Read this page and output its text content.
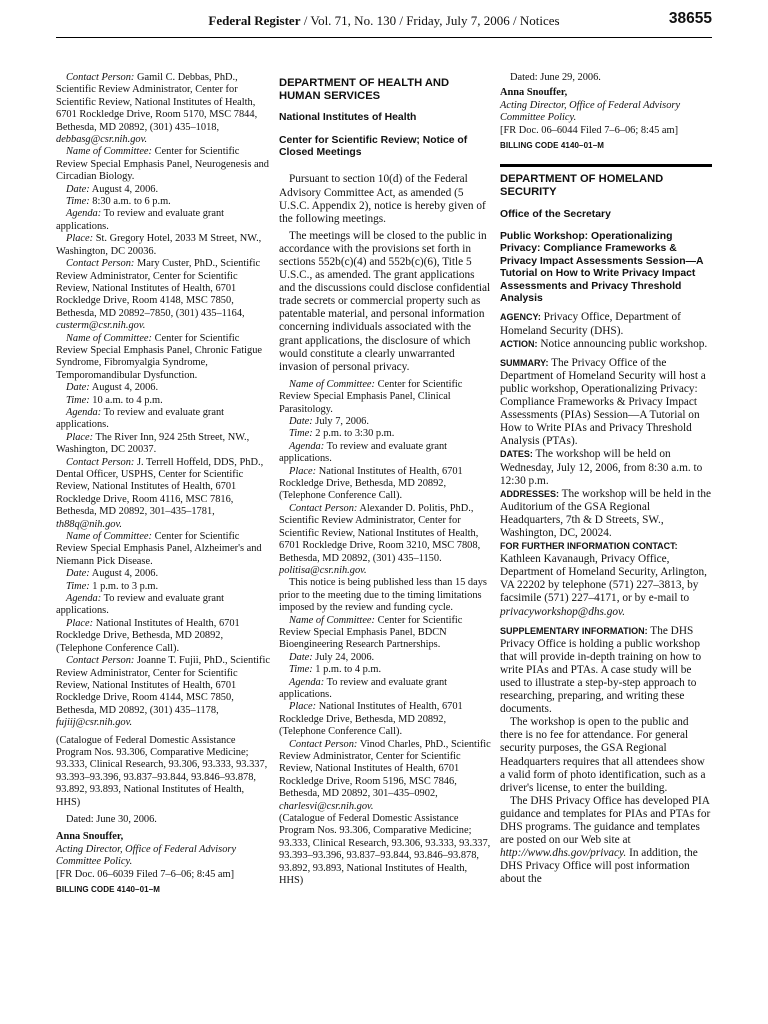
Federal Register / Vol. 71, No. 130 / Friday, July 7, 2006 / Notices	38655

Contact Person: Gamil C. Debbas, PhD., Scientific Review Administrator, Center for Scientific Review, National Institutes of Health, 6701 Rockledge Drive, Room 5170, MSC 7844, Bethesda, MD 20892, (301) 435–1018, debbasg@csr.nih.gov.

Name of Committee: Center for Scientific Review Special Emphasis Panel, Neurogenesis and Circadian Biology.

Date: August 4, 2006.

Time: 8:30 a.m. to 6 p.m.

Agenda: To review and evaluate grant applications.

Place: St. Gregory Hotel, 2033 M Street, NW., Washington, DC 20036.

Contact Person: Mary Custer, PhD., Scientific Review Administrator, Center for Scientific Review, National Institutes of Health, 6701 Rockledge Drive, Room 4148, MSC 7850, Bethesda, MD 20892–7850, (301) 435–1164, custerm@csr.nih.gov.

Name of Committee: Center for Scientific Review Special Emphasis Panel, Chronic Fatigue Syndrome, Fibromyalgia Syndrome, Temporomandibular Dysfunction.

Date: August 4, 2006.

Time: 10 a.m. to 4 p.m.

Agenda: To review and evaluate grant applications.

Place: The River Inn, 924 25th Street, NW., Washington, DC 20037.

Contact Person: J. Terrell Hoffeld, DDS, PhD., Dental Officer, USPHS, Center for Scientific Review, National Institutes of Health, 6701 Rockledge Drive, Room 4116, MSC 7816, Bethesda, MD 20892, 301–435–1781, th88q@nih.gov.

Name of Committee: Center for Scientific Review Special Emphasis Panel, Alzheimer's and Niemann Pick Disease.

Date: August 4, 2006.

Time: 1 p.m. to 3 p.m.

Agenda: To review and evaluate grant applications.

Place: National Institutes of Health, 6701 Rockledge Drive, Bethesda, MD 20892, (Telephone Conference Call).

Contact Person: Joanne T. Fujii, PhD., Scientific Review Administrator, Center for Scientific Review, National Institutes of Health, 6701 Rockledge Drive, Room 4144, MSC 7850, Bethesda, MD 20892, (301) 435–1178, fujiij@csr.nih.gov.

(Catalogue of Federal Domestic Assistance Program Nos. 93.306, Comparative Medicine; 93.333, Clinical Research, 93.306, 93.333, 93.337, 93.393–93.396, 93.837–93.844, 93.846–93.878, 93.892, 93.893, National Institutes of Health, HHS)

Dated: June 30, 2006.

Anna Snouffer,

Acting Director, Office of Federal Advisory Committee Policy.

[FR Doc. 06–6039 Filed 7–6–06; 8:45 am]

BILLING CODE 4140–01–M

DEPARTMENT OF HEALTH AND HUMAN SERVICES

National Institutes of Health

Center for Scientific Review; Notice of Closed Meetings

Pursuant to section 10(d) of the Federal Advisory Committee Act, as amended (5 U.S.C. Appendix 2), notice is hereby given of the following meetings.

The meetings will be closed to the public in accordance with the provisions set forth in sections 552b(c)(4) and 552b(c)(6), Title 5 U.S.C., as amended. The grant applications and the discussions could disclose confidential trade secrets or commercial property such as patentable material, and personal information concerning individuals associated with the grant applications, the disclosure of which would constitute a clearly unwarranted invasion of personal privacy.

Name of Committee: Center for Scientific Review Special Emphasis Panel, Clinical Parasitology.

Date: July 7, 2006.

Time: 2 p.m. to 3:30 p.m.

Agenda: To review and evaluate grant applications.

Place: National Institutes of Health, 6701 Rockledge Drive, Bethesda, MD 20892, (Telephone Conference Call).

Contact Person: Alexander D. Politis, PhD., Scientific Review Administrator, Center for Scientific Review, National Institutes of Health, 6701 Rockledge Drive, Room 3210, MSC 7808, Bethesda, MD 20892, (301) 435–1150. politisa@csr.nih.gov.

This notice is being published less than 15 days prior to the meeting due to the timing limitations imposed by the review and funding cycle.

Name of Committee: Center for Scientific Review Special Emphasis Panel, BDCN Bioengineering Research Partnerships.

Date: July 24, 2006.

Time: 1 p.m. to 4 p.m.

Agenda: To review and evaluate grant applications.

Place: National Institutes of Health, 6701 Rockledge Drive, Bethesda, MD 20892, (Telephone Conference Call).

Contact Person: Vinod Charles, PhD., Scientific Review Administrator, Center for Scientific Review, National Institutes of Health, 6701 Rockledge Drive, Room 5196, MSC 7846, Bethesda, MD 20892, 301–435–0902, charlesvi@csr.nih.gov.

(Catalogue of Federal Domestic Assistance Program Nos. 93.306, Comparative Medicine; 93.333, Clinical Research, 93.306, 93.333, 93.337, 93.393–93.396, 93.837–93.844, 93.846–93.878, 93.892, 93.893, National Institutes of Health, HHS)

Dated: June 29, 2006.

Anna Snouffer,

Acting Director, Office of Federal Advisory Committee Policy.

[FR Doc. 06–6044 Filed 7–6–06; 8:45 am]

BILLING CODE 4140–01–M

DEPARTMENT OF HOMELAND SECURITY

Office of the Secretary

Public Workshop: Operationalizing Privacy: Compliance Frameworks & Privacy Impact Assessments Session—A Tutorial on How to Write Privacy Impact Assessments and Privacy Threshold Analysis

AGENCY: Privacy Office, Department of Homeland Security (DHS).

ACTION: Notice announcing public workshop.

SUMMARY: The Privacy Office of the Department of Homeland Security will host a public workshop, Operationalizing Privacy: Compliance Frameworks & Privacy Impact Assessments (PIAs) Session—A Tutorial on How to Write PIAs and Privacy Threshold Analysis (PTAs).

DATES: The workshop will be held on Wednesday, July 12, 2006, from 8:30 a.m. to 12:30 p.m.

ADDRESSES: The workshop will be held in the Auditorium of the GSA Regional Headquarters, 7th & D Streets, SW., Washington, DC, 20024.

FOR FURTHER INFORMATION CONTACT:
Kathleen Kavanaugh, Privacy Office, Department of Homeland Security, Arlington, VA 22202 by telephone (571) 227–3813, by facsimile (571) 227–4171, or by e-mail to privacyworkshop@dhs.gov.

SUPPLEMENTARY INFORMATION: The DHS Privacy Office is holding a public workshop that will provide in-depth training on how to write PIAs and PTAs. A case study will be used to illustrate a step-by-step approach to researching, preparing, and writing these documents.

The workshop is open to the public and there is no fee for attendance. For general security purposes, the GSA Regional Headquarters requires that all attendees show a valid form of photo identification, such as a driver's license, to enter the building.

The DHS Privacy Office has developed PIA guidance and templates for PIAs and PTAs for DHS programs. The guidance and templates are posted on our Web site at http://www.dhs.gov/privacy. In addition, the DHS Privacy Office will post information about the
